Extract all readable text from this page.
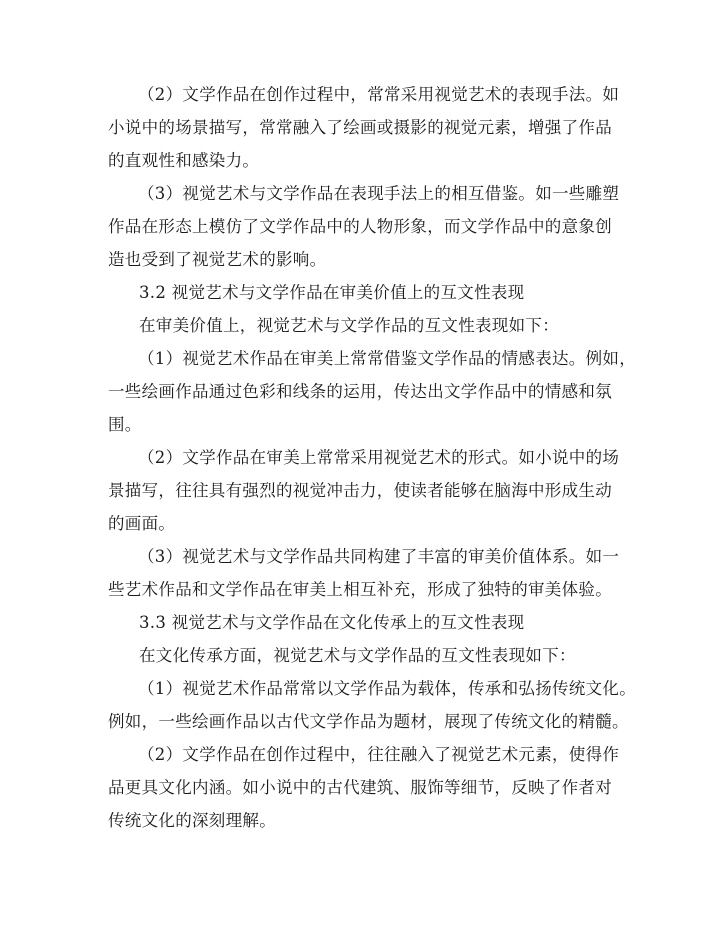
（2）文学作品在创作过程中，常常采用视觉艺术的表现手法。如
小说中的场景描写，常常融入了绘画或摄影的视觉元素，增强了作品
的直观性和感染力。
（3）视觉艺术与文学作品在表现手法上的相互借鉴。如一些雕塑
作品在形态上模仿了文学作品中的人物形象，而文学作品中的意象创
造也受到了视觉艺术的影响。
3.2 视觉艺术与文学作品在审美价值上的互文性表现
在审美价值上，视觉艺术与文学作品的互文性表现如下：
（1）视觉艺术作品在审美上常常借鉴文学作品的情感表达。例如，
一些绘画作品通过色彩和线条的运用，传达出文学作品中的情感和氛
围。
（2）文学作品在审美上常常采用视觉艺术的形式。如小说中的场
景描写，往往具有强烈的视觉冲击力，使读者能够在脑海中形成生动
的画面。
（3）视觉艺术与文学作品共同构建了丰富的审美价值体系。如一
些艺术作品和文学作品在审美上相互补充，形成了独特的审美体验。
3.3 视觉艺术与文学作品在文化传承上的互文性表现
在文化传承方面，视觉艺术与文学作品的互文性表现如下：
（1）视觉艺术作品常常以文学作品为载体，传承和弘扬传统文化。
例如，一些绘画作品以古代文学作品为题材，展现了传统文化的精髓。
（2）文学作品在创作过程中，往往融入了视觉艺术元素，使得作
品更具文化内涵。如小说中的古代建筑、服饰等细节，反映了作者对
传统文化的深刻理解。
